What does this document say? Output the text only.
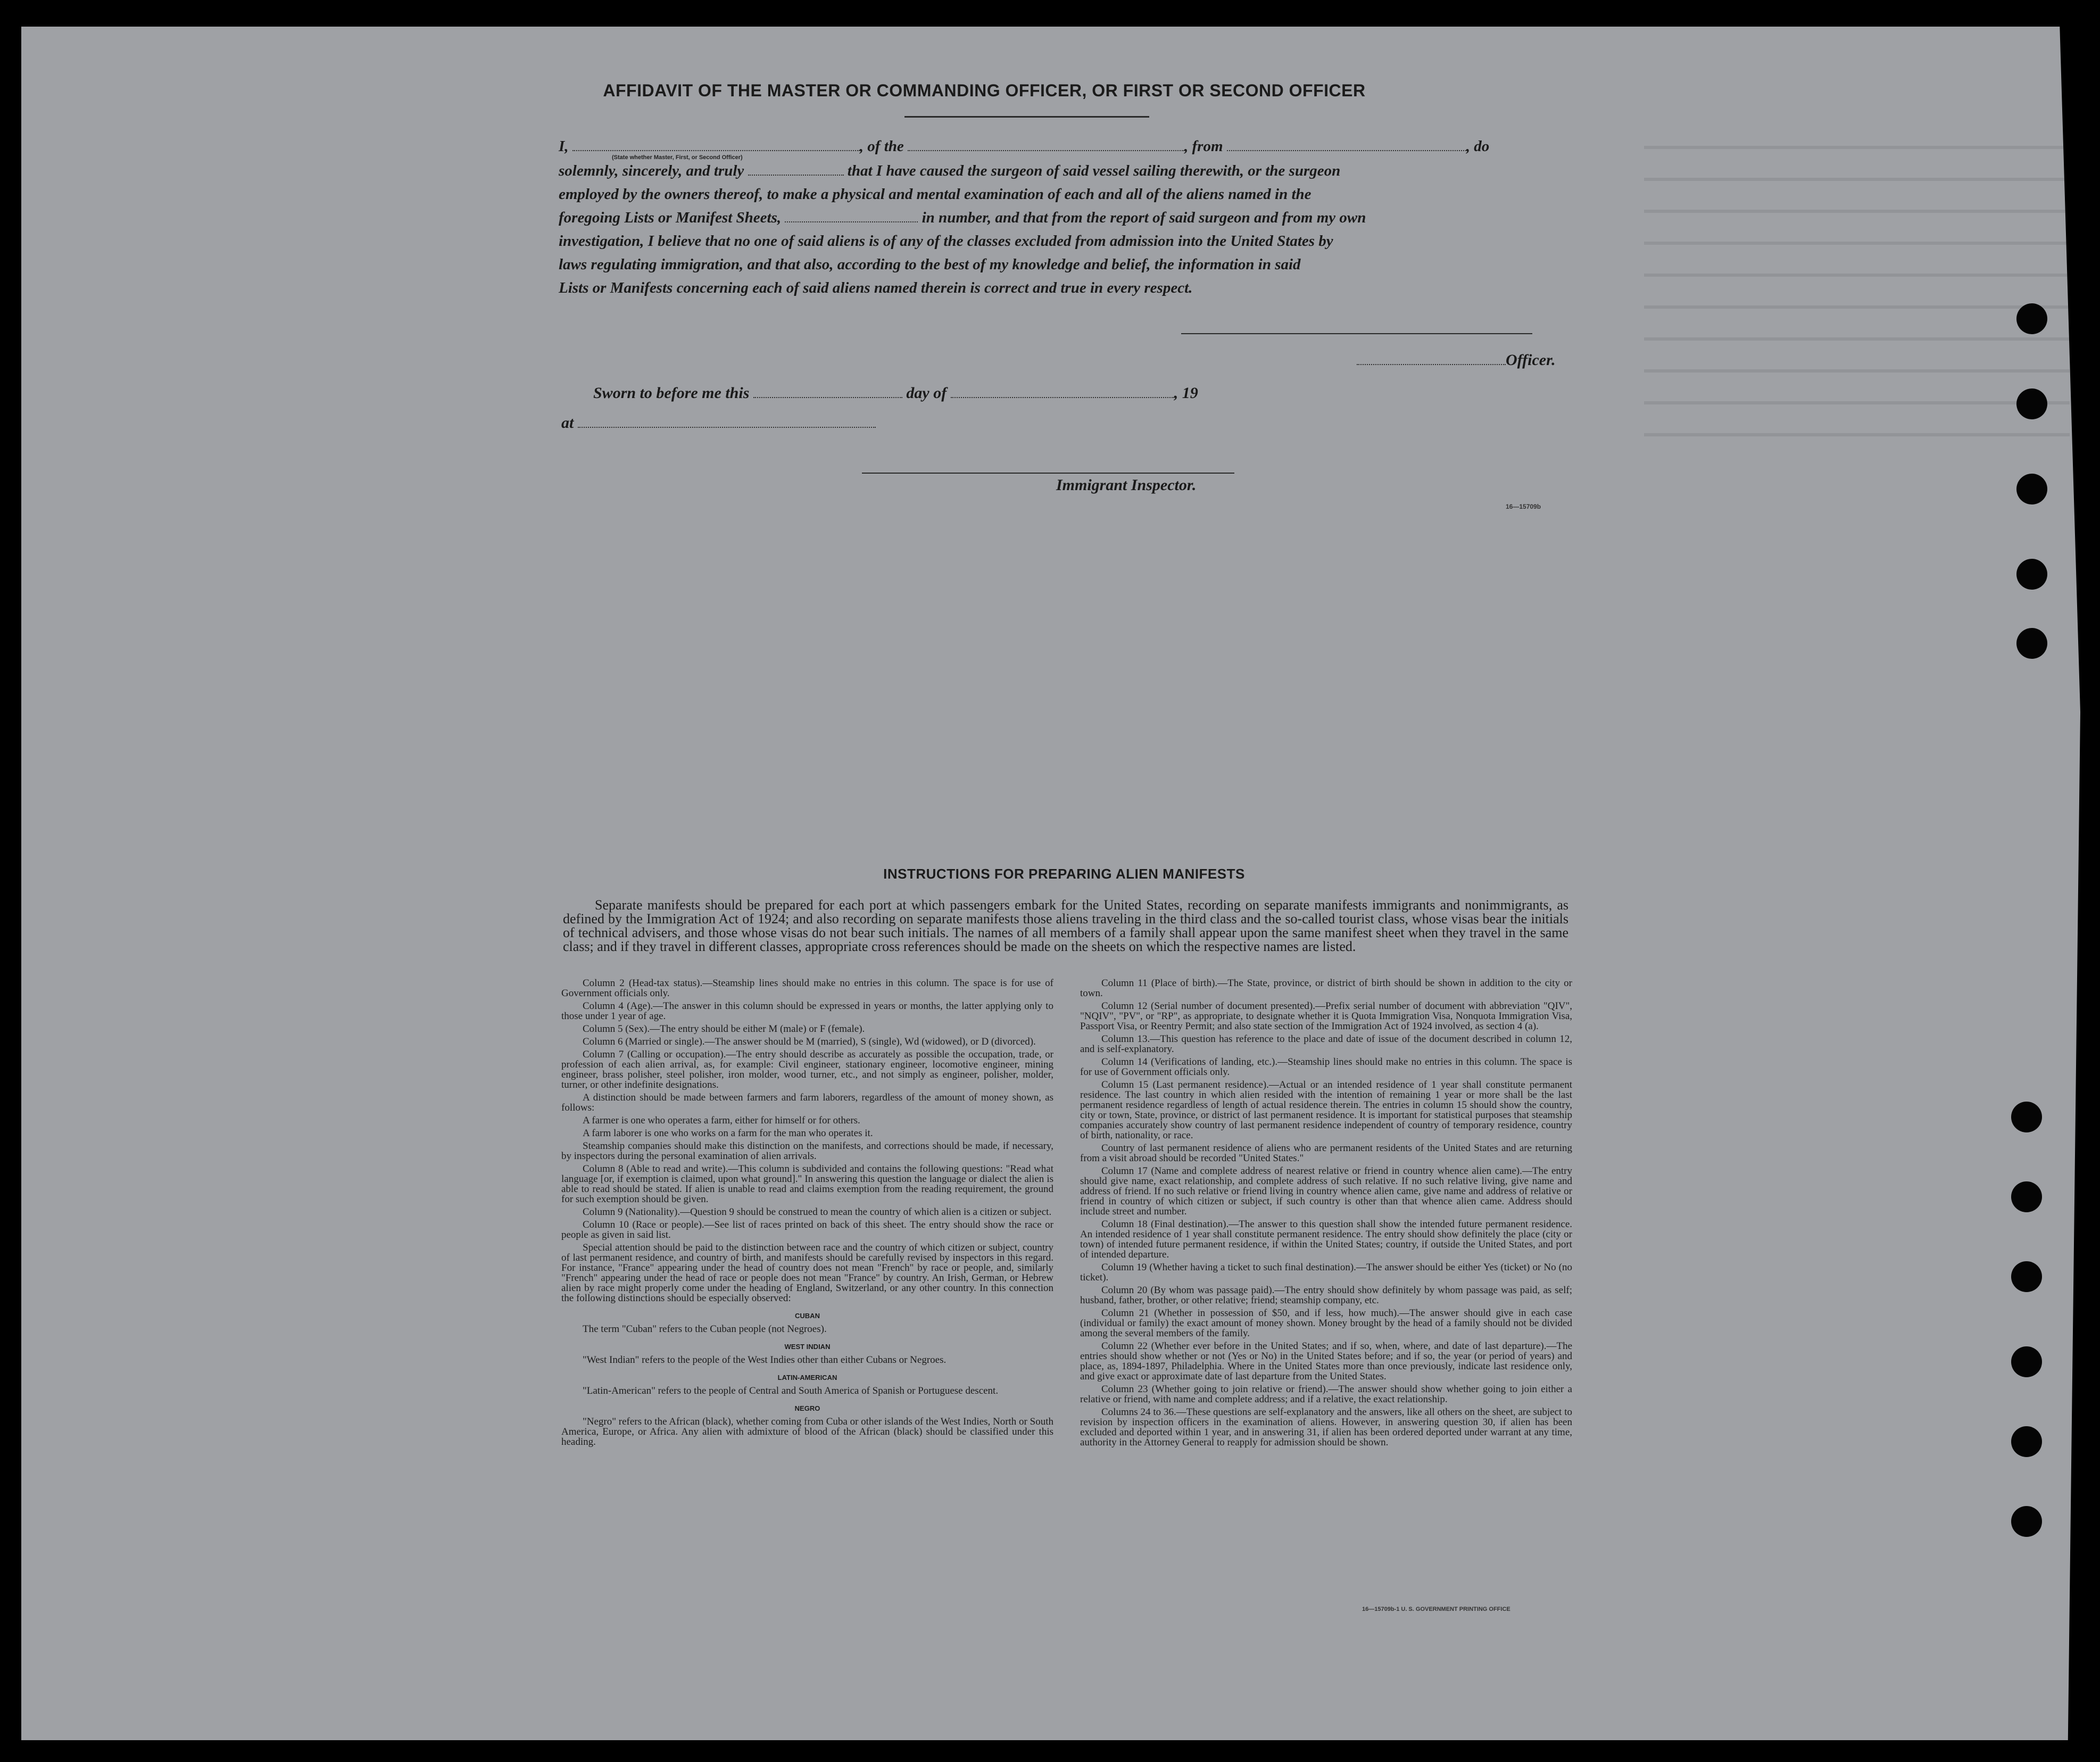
AFFIDAVIT OF THE MASTER OR COMMANDING OFFICER, OR FIRST OR SECOND OFFICER
I,	, of the	, from	, do
(State whether Master, First, or Second Officer)
solemnly, sincerely, and truly	that I have caused the surgeon of said vessel sailing therewith, or the surgeon
employed by the owners thereof, to make a physical and mental examination of each and all of the aliens named in the
foregoing Lists or Manifest Sheets,	in number, and that from the report of said surgeon and from my own
investigation, I believe that no one of said aliens is of any of the classes excluded from admission into the United States by
laws regulating immigration, and that also, according to the best of my knowledge and belief, the information in said
Lists or Manifests concerning each of said aliens named therein is correct and true in every respect.
Officer.
Sworn to before me this	day of	, 19
at
Immigrant Inspector.
16—15709b
INSTRUCTIONS FOR PREPARING ALIEN MANIFESTS
Separate manifests should be prepared for each port at which passengers embark for the United States, recording on separate manifests immigrants and nonimmigrants, as defined by the Immigration Act of 1924; and also recording on separate manifests those aliens traveling in the third class and the so-called tourist class, whose visas bear the initials of technical advisers, and those whose visas do not bear such initials. The names of all members of a family shall appear upon the same manifest sheet when they travel in the same class; and if they travel in different classes, appropriate cross references should be made on the sheets on which the respective names are listed.

Column 2 (Head-tax status).—Steamship lines should make no entries in this column. The space is for use of Government officials only.

Column 4 (Age).—The answer in this column should be expressed in years or months, the latter applying only to those under 1 year of age.

Column 5 (Sex).—The entry should be either M (male) or F (female).

Column 6 (Married or single).—The answer should be M (married), S (single), Wd (widowed), or D (divorced).

Column 7 (Calling or occupation).—The entry should describe as accurately as possible the occupation, trade, or profession of each alien arrival, as, for example: Civil engineer, stationary engineer, locomotive engineer, mining engineer, brass polisher, steel polisher, iron molder, wood turner, etc., and not simply as engineer, polisher, molder, turner, or other indefinite designations.

A distinction should be made between farmers and farm laborers, regardless of the amount of money shown, as follows:

A farmer is one who operates a farm, either for himself or for others.

A farm laborer is one who works on a farm for the man who operates it.

Steamship companies should make this distinction on the manifests, and corrections should be made, if necessary, by inspectors during the personal examination of alien arrivals.

Column 8 (Able to read and write).—This column is subdivided and contains the following questions: "Read what language [or, if exemption is claimed, upon what ground]." In answering this question the language or dialect the alien is able to read should be stated. If alien is unable to read and claims exemption from the reading requirement, the ground for such exemption should be given.

Column 9 (Nationality).—Question 9 should be construed to mean the country of which alien is a citizen or subject.

Column 10 (Race or people).—See list of races printed on back of this sheet. The entry should show the race or people as given in said list.

Special attention should be paid to the distinction between race and the country of which citizen or subject, country of last permanent residence, and country of birth, and manifests should be carefully revised by inspectors in this regard. For instance, "France" appearing under the head of country does not mean "French" by race or people, and, similarly "French" appearing under the head of race or people does not mean "France" by country. An Irish, German, or Hebrew alien by race might properly come under the heading of England, Switzerland, or any other country. In this connection the following distinctions should be especially observed:

CUBAN

The term "Cuban" refers to the Cuban people (not Negroes).

WEST INDIAN

"West Indian" refers to the people of the West Indies other than either Cubans or Negroes.

LATIN-AMERICAN

"Latin-American" refers to the people of Central and South America of Spanish or Portuguese descent.

NEGRO

"Negro" refers to the African (black), whether coming from Cuba or other islands of the West Indies, North or South America, Europe, or Africa. Any alien with admixture of blood of the African (black) should be classified under this heading.

Column 11 (Place of birth).—The State, province, or district of birth should be shown in addition to the city or town.

Column 12 (Serial number of document presented).—Prefix serial number of document with abbreviation "QIV", "NQIV", "PV", or "RP", as appropriate, to designate whether it is Quota Immigration Visa, Nonquota Immigration Visa, Passport Visa, or Reentry Permit; and also state section of the Immigration Act of 1924 involved, as section 4 (a).

Column 13.—This question has reference to the place and date of issue of the document described in column 12, and is self-explanatory.

Column 14 (Verifications of landing, etc.).—Steamship lines should make no entries in this column. The space is for use of Government officials only.

Column 15 (Last permanent residence).—Actual or an intended residence of 1 year shall constitute permanent residence. The last country in which alien resided with the intention of remaining 1 year or more shall be the last permanent residence regardless of length of actual residence therein. The entries in column 15 should show the country, city or town, State, province, or district of last permanent residence. It is important for statistical purposes that steamship companies accurately show country of last permanent residence independent of country of temporary residence, country of birth, nationality, or race.

Country of last permanent residence of aliens who are permanent residents of the United States and are returning from a visit abroad should be recorded "United States."

Column 17 (Name and complete address of nearest relative or friend in country whence alien came).—The entry should give name, exact relationship, and complete address of such relative. If no such relative living, give name and address of friend. If no such relative or friend living in country whence alien came, give name and address of relative or friend in country of which citizen or subject, if such country is other than that whence alien came. Address should include street and number.

Column 18 (Final destination).—The answer to this question shall show the intended future permanent residence. An intended residence of 1 year shall constitute permanent residence. The entry should show definitely the place (city or town) of intended future permanent residence, if within the United States; country, if outside the United States, and port of intended departure.

Column 19 (Whether having a ticket to such final destination).—The answer should be either Yes (ticket) or No (no ticket).

Column 20 (By whom was passage paid).—The entry should show definitely by whom passage was paid, as self; husband, father, brother, or other relative; friend; steamship company, etc.

Column 21 (Whether in possession of $50, and if less, how much).—The answer should give in each case (individual or family) the exact amount of money shown. Money brought by the head of a family should not be divided among the several members of the family.

Column 22 (Whether ever before in the United States; and if so, when, where, and date of last departure).—The entries should show whether or not (Yes or No) in the United States before; and if so, the year (or period of years) and place, as, 1894-1897, Philadelphia. Where in the United States more than once previously, indicate last residence only, and give exact or approximate date of last departure from the United States.

Column 23 (Whether going to join relative or friend).—The answer should show whether going to join either a relative or friend, with name and complete address; and if a relative, the exact relationship.

Columns 24 to 36.—These questions are self-explanatory and the answers, like all others on the sheet, are subject to revision by inspection officers in the examination of aliens. However, in answering question 30, if alien has been excluded and deported within 1 year, and in answering 31, if alien has been ordered deported under warrant at any time, authority in the Attorney General to reapply for admission should be shown.

16—15709b-1 U. S. GOVERNMENT PRINTING OFFICE
